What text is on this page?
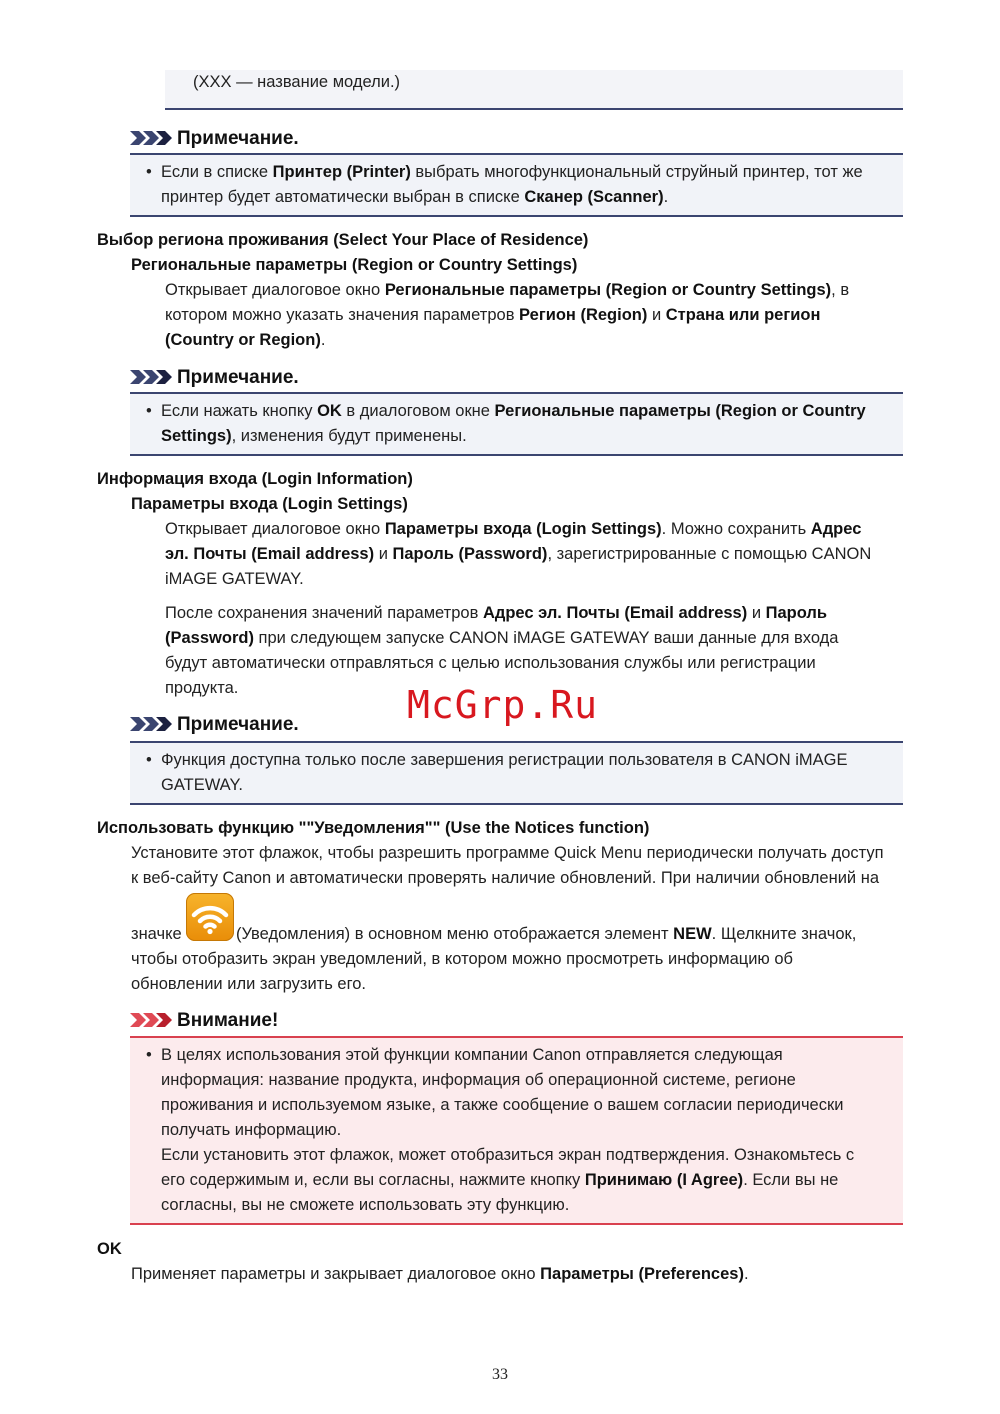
(XXX — название модели.)
Примечание.
• Если в списке Принтер (Printer) выбрать многофункциональный струйный принтер, тот же
принтер будет автоматически выбран в списке Сканер (Scanner).
Выбор региона проживания (Select Your Place of Residence)
Региональные параметры (Region or Country Settings)
Открывает диалоговое окно Региональные параметры (Region or Country Settings), в
котором можно указать значения параметров Регион (Region) и Страна или регион
(Country or Region).
Примечание.
• Если нажать кнопку OK в диалоговом окне Региональные параметры (Region or Country
Settings), изменения будут применены.
Информация входа (Login Information)
Параметры входа (Login Settings)
Открывает диалоговое окно Параметры входа (Login Settings). Можно сохранить Адрес
эл. Почты (Email address) и Пароль (Password), зарегистрированные с помощью CANON
iMAGE GATEWAY.
После сохранения значений параметров Адрес эл. Почты (Email address) и Пароль
(Password) при следующем запуске CANON iMAGE GATEWAY ваши данные для входа
будут автоматически отправляться с целью использования службы или регистрации
продукта.
Примечание.
• Функция доступна только после завершения регистрации пользователя в CANON iMAGE
GATEWAY.
McGrp.Ru
Использовать функцию ""Уведомления"" (Use the Notices function)
Установите этот флажок, чтобы разрешить программе Quick Menu периодически получать доступ
к веб-сайту Canon и автоматически проверять наличие обновлений. При наличии обновлений на
значке	(Уведомления) в основном меню отображается элемент NEW. Щелкните значок,
чтобы отобразить экран уведомлений, в котором можно просмотреть информацию об
обновлении или загрузить его.
Внимание!
• В целях использования этой функции компании Canon отправляется следующая
информация: название продукта, информация об операционной системе, регионе
проживания и используемом языке, а также сообщение о вашем согласии периодически
получать информацию.
Если установить этот флажок, может отобразиться экран подтверждения. Ознакомьтесь с
его содержимым и, если вы согласны, нажмите кнопку Принимаю (I Agree). Если вы не
согласны, вы не сможете использовать эту функцию.
OK
Применяет параметры и закрывает диалоговое окно Параметры (Preferences).
33
